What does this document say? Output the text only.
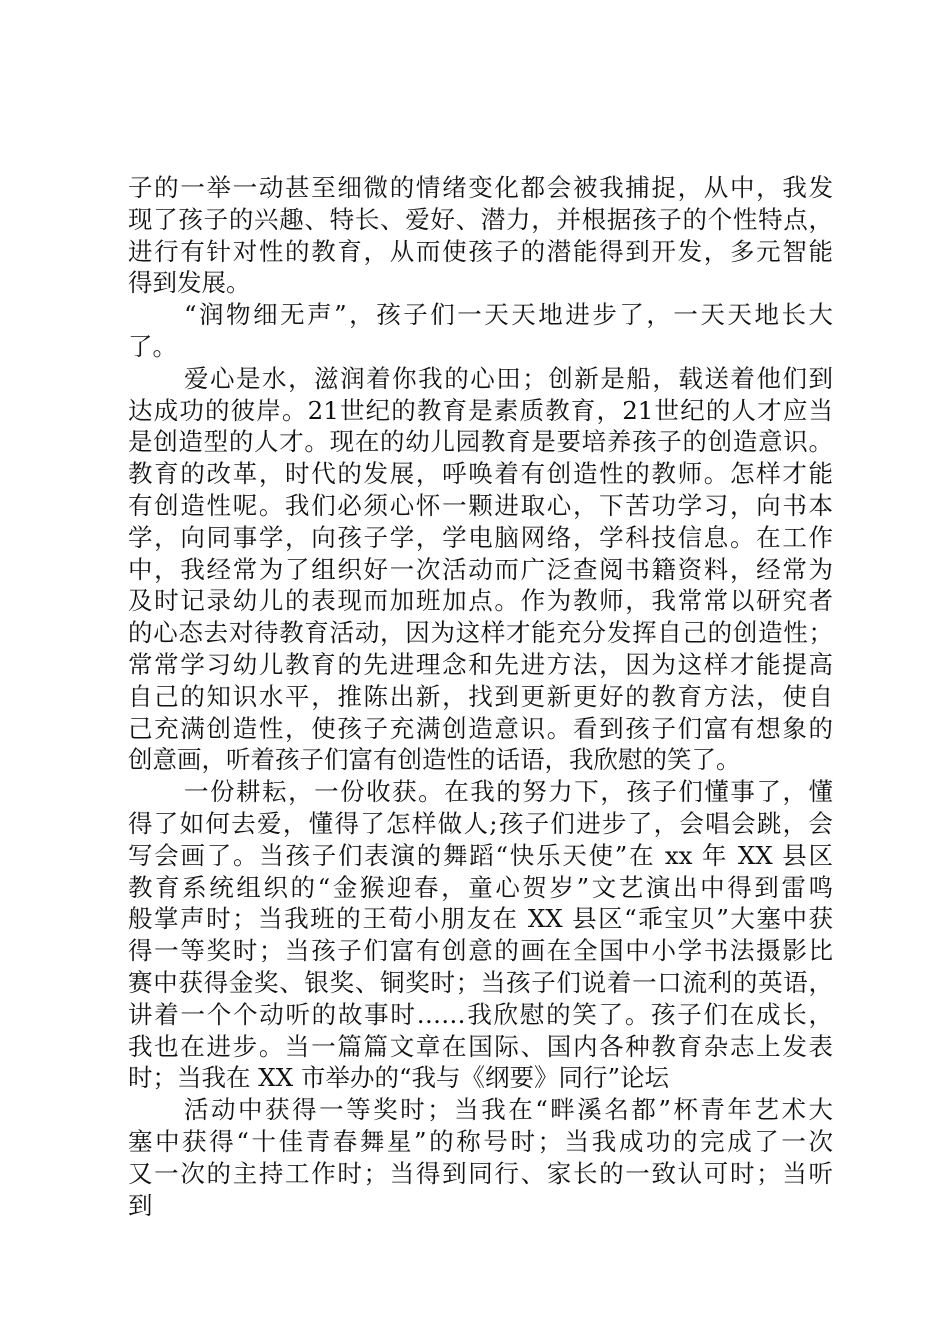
子的一举一动甚至细微的情绪变化都会被我捕捉，从中，我发
现了孩子的兴趣、特长、爱好、潜力，并根据孩子的个性特点，
进行有针对性的教育，从而使孩子的潜能得到开发，多元智能
得到发展。
“润物细无声”，孩子们一天天地进步了，一天天地长大
了。
爱心是水，滋润着你我的心田；创新是船，载送着他们到
达成功的彼岸。21世纪的教育是素质教育，21世纪的人才应当
是创造型的人才。现在的幼儿园教育是要培养孩子的创造意识。
教育的改革，时代的发展，呼唤着有创造性的教师。怎样才能
有创造性呢。我们必须心怀一颗进取心，下苦功学习，向书本
学，向同事学，向孩子学，学电脑网络，学科技信息。在工作
中，我经常为了组织好一次活动而广泛查阅书籍资料，经常为
及时记录幼儿的表现而加班加点。作为教师，我常常以研究者
的心态去对待教育活动，因为这样才能充分发挥自己的创造性；
常常学习幼儿教育的先进理念和先进方法，因为这样才能提高
自己的知识水平，推陈出新，找到更新更好的教育方法，使自
己充满创造性，使孩子充满创造意识。看到孩子们富有想象的
创意画，听着孩子们富有创造性的话语，我欣慰的笑了。
一份耕耘，一份收获。在我的努力下，孩子们懂事了，懂
得了如何去爱，懂得了怎样做人;孩子们进步了，会唱会跳，会
写会画了。当孩子们表演的舞蹈“快乐天使”在 xx 年 XX 县区
教育系统组织的“金猴迎春，童心贺岁”文艺演出中得到雷鸣
般掌声时；当我班的王荀小朋友在 XX 县区“乖宝贝”大塞中获
得一等奖时；当孩子们富有创意的画在全国中小学书法摄影比
赛中获得金奖、银奖、铜奖时；当孩子们说着一口流利的英语，
讲着一个个动听的故事时……我欣慰的笑了。孩子们在成长，
我也在进步。当一篇篇文章在国际、国内各种教育杂志上发表
时；当我在 XX 市举办的“我与《纲要》同行”论坛
活动中获得一等奖时；当我在“畔溪名都”杯青年艺术大
塞中获得“十佳青春舞星”的称号时；当我成功的完成了一次
又一次的主持工作时；当得到同行、家长的一致认可时；当听
到
